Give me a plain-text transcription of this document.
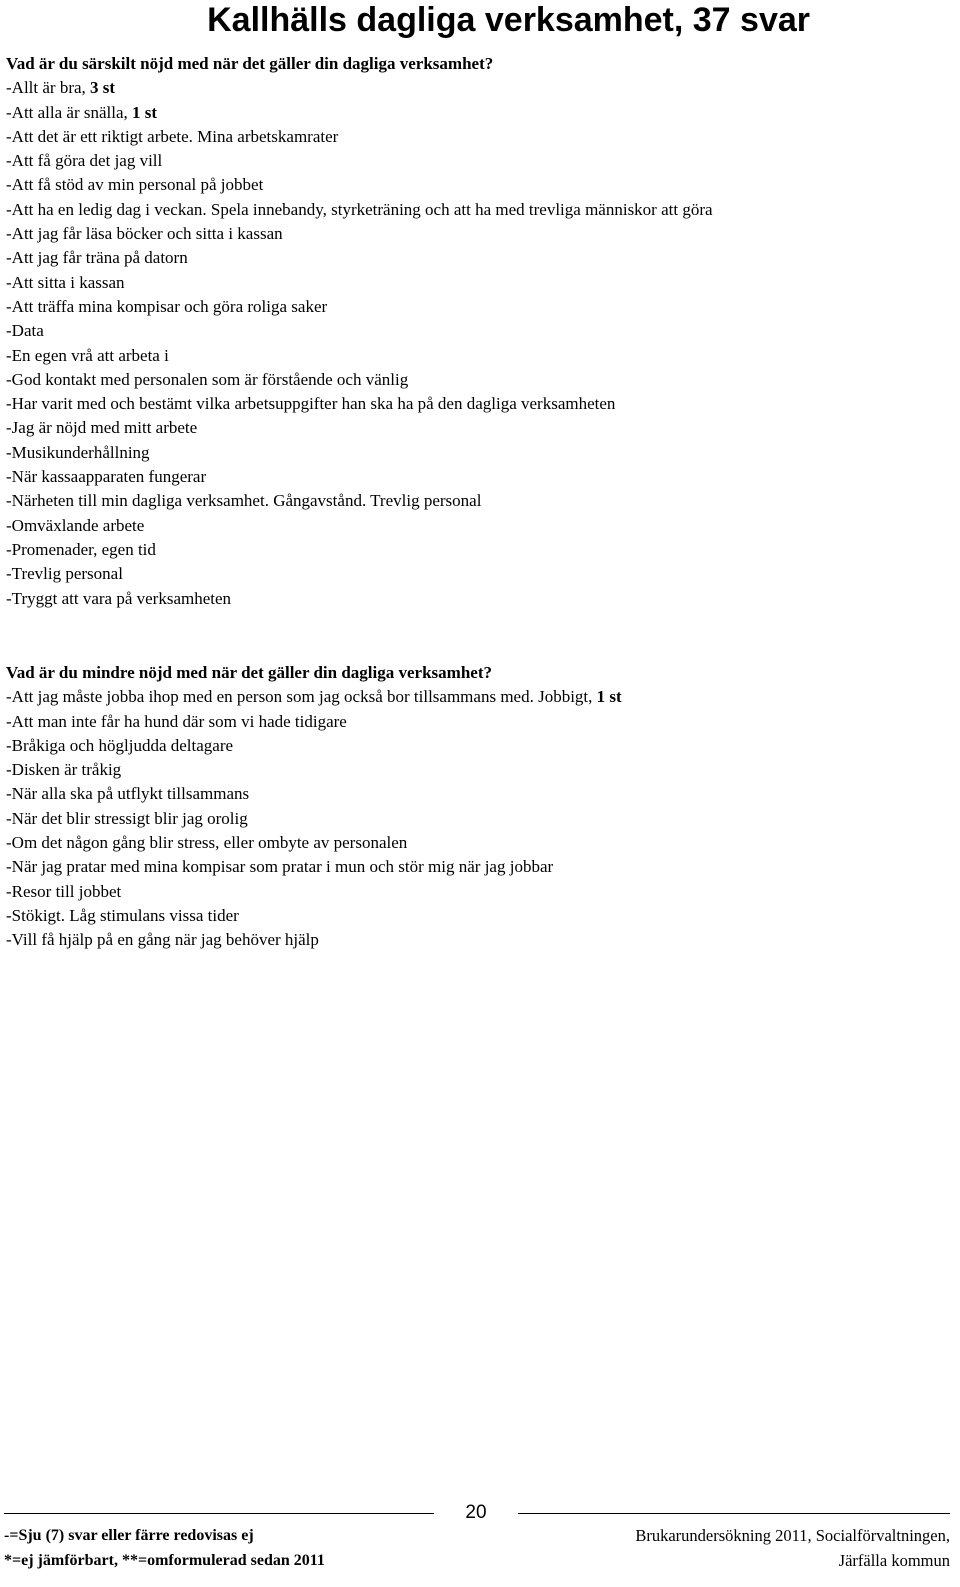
Kallhälls dagliga verksamhet, 37 svar

Vad är du särskilt nöjd med när det gäller din dagliga verksamhet?

-Allt är bra, 3 st
-Att alla är snälla, 1 st
-Att det är ett riktigt arbete. Mina arbetskamrater
-Att få göra det jag vill
-Att få stöd av min personal på jobbet
-Att ha en ledig dag i veckan. Spela innebandy, styrketräning och att ha med trevliga människor att göra
-Att jag får läsa böcker och sitta i kassan
-Att jag får träna på datorn
-Att sitta i kassan
-Att träffa mina kompisar och göra roliga saker
-Data
-En egen vrå att arbeta i
-God kontakt med personalen som är förstående och vänlig
-Har varit med och bestämt vilka arbetsuppgifter han ska ha på den dagliga verksamheten
-Jag är nöjd med mitt arbete
-Musikunderhållning
-När kassaapparaten fungerar
-Närheten till min dagliga verksamhet. Gångavstånd. Trevlig personal
-Omväxlande arbete
-Promenader, egen tid
-Trevlig personal
-Tryggt att vara på verksamheten

Vad är du mindre nöjd med när det gäller din dagliga verksamhet?

-Att jag måste jobba ihop med en person som jag också bor tillsammans med. Jobbigt, 1 st
-Att man inte får ha hund där som vi hade tidigare
-Bråkiga och högljudda deltagare
-Disken är tråkig
-När alla ska på utflykt tillsammans
-När det blir stressigt blir jag orolig
-Om det någon gång blir stress, eller ombyte av personalen
-När jag pratar med mina kompisar som pratar i mun och stör mig när jag jobbar
-Resor till jobbet
-Stökigt. Låg stimulans vissa tider
-Vill få hjälp på en gång när jag behöver hjälp
20
-=Sju (7) svar eller färre redovisas ej
*=ej jämförbart, **=omformulerad sedan 2011
Brukarundersökning 2011, Socialförvaltningen,
Järfälla kommun
